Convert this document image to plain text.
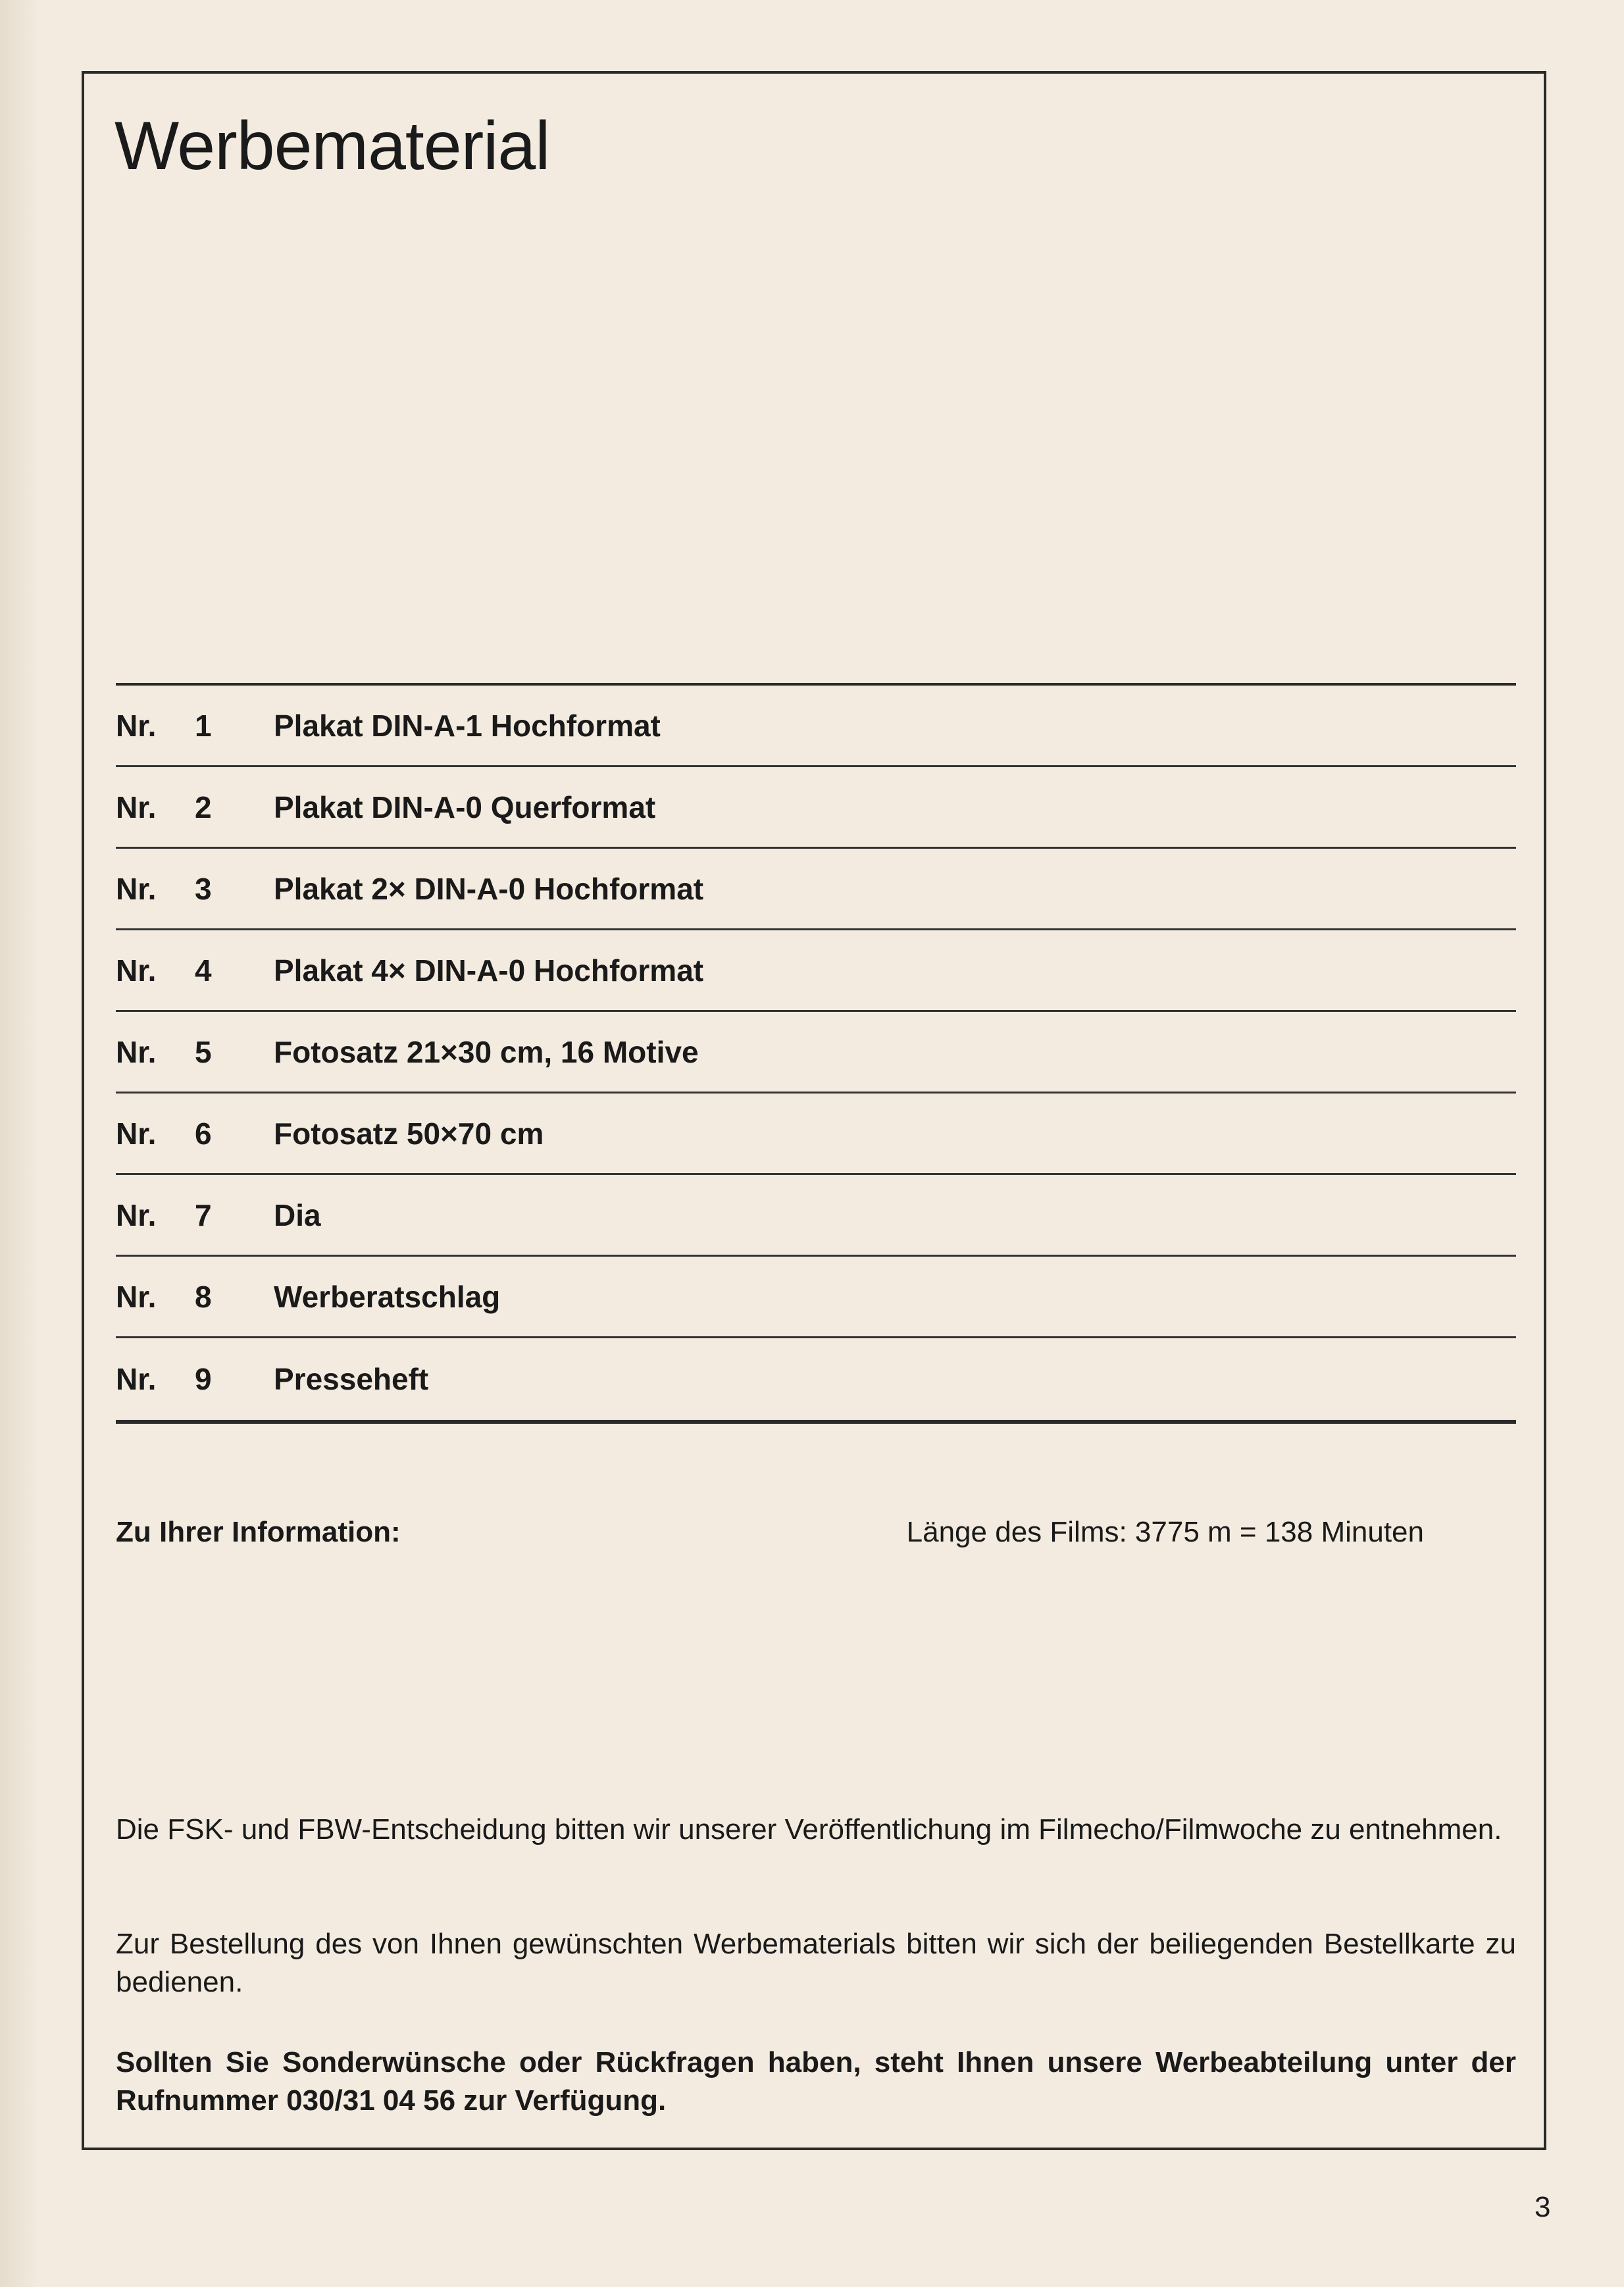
Werbematerial
Nr.	1	Plakat DIN-A-1 Hochformat
Nr.	2	Plakat DIN-A-0 Querformat
Nr.	3	Plakat 2× DIN-A-0 Hochformat
Nr.	4	Plakat 4× DIN-A-0 Hochformat
Nr.	5	Fotosatz 21×30 cm, 16 Motive
Nr.	6	Fotosatz 50×70 cm
Nr.	7	Dia
Nr.	8	Werberatschlag
Nr.	9	Presseheft
Zu Ihrer Information:	Länge des Films: 3775 m = 138 Minuten

Die FSK- und FBW-Entscheidung bitten wir unserer Veröffentlichung im Filmecho/Filmwoche zu entnehmen.

Zur Bestellung des von Ihnen gewünschten Werbematerials bitten wir sich der beiliegenden Bestellkarte zu bedienen.

Sollten Sie Sonderwünsche oder Rückfragen haben, steht Ihnen unsere Werbeabteilung unter der Rufnummer 030/31 04 56 zur Verfügung.

3
